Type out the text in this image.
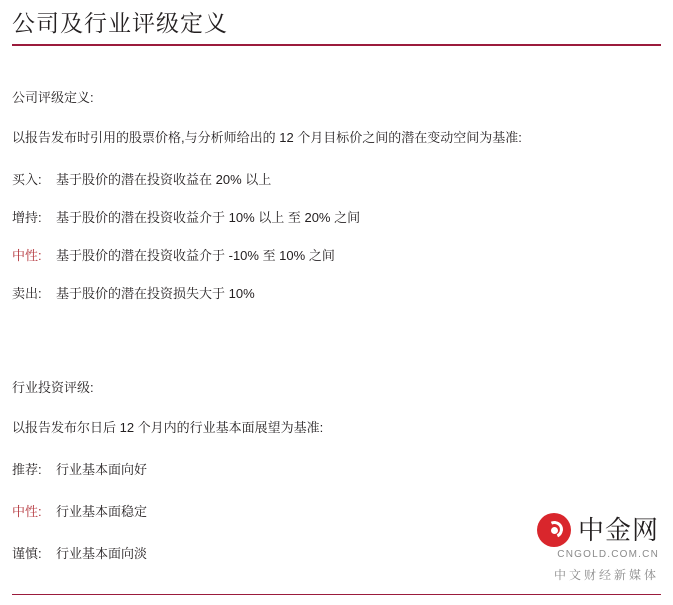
公司及行业评级定义

公司评级定义:

以报告发布时引用的股票价格,与分析师给出的 12 个月目标价之间的潜在变动空间为基准:

买入: 基于股价的潜在投资收益在 20% 以上
增持: 基于股价的潜在投资收益介于 10% 以上 至 20% 之间
中性: 基于股价的潜在投资收益介于 -10% 至 10% 之间
卖出: 基于股价的潜在投资损失大于 10%

行业投资评级:

以报告发布尔日后 12 个月内的行业基本面展望为基准:

推荐: 行业基本面向好
中性: 行业基本面稳定
谨慎: 行业基本面向淡
中金网
CNGOLD.COM.CN
中文财经新媒体
